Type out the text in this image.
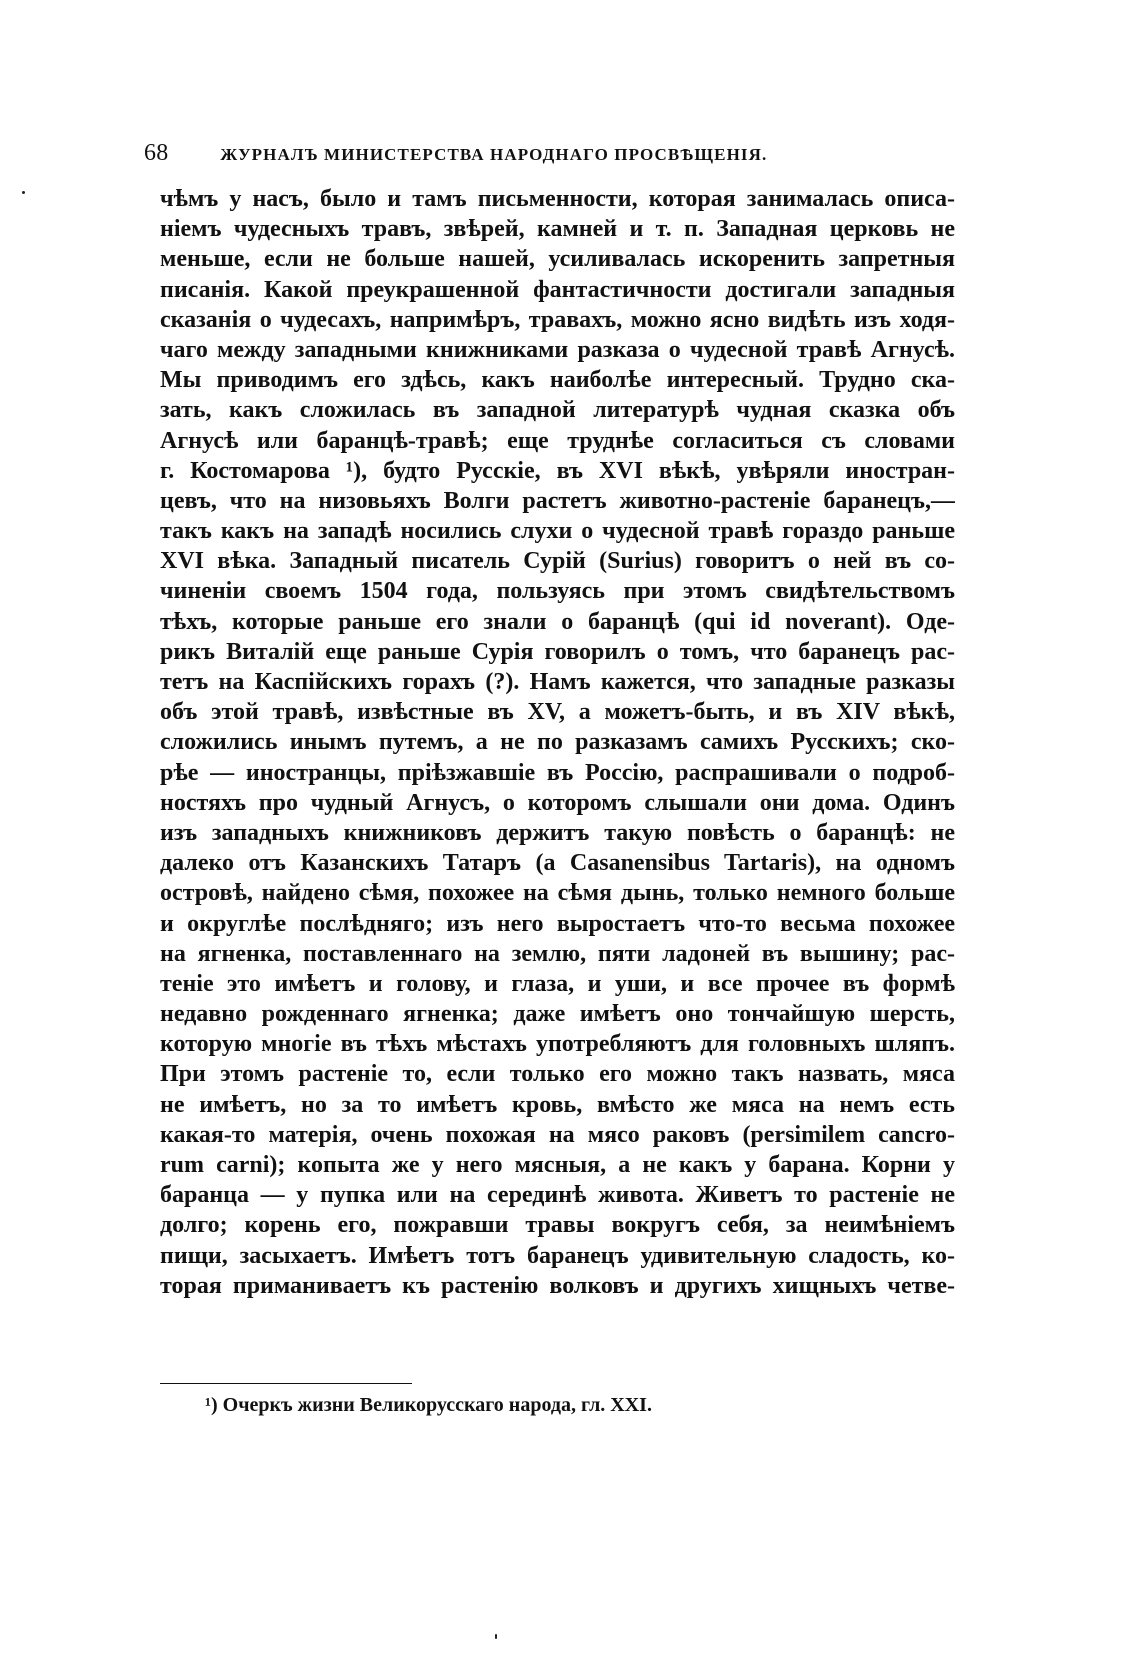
68	ЖУРНАЛЪ МИНИСТЕРСТВА НАРОДНАГО ПРОСВѢЩЕНІЯ.
чѣмъ у насъ, было и тамъ письменности, которая занималась описа-
ніемъ чудесныхъ травъ, звѣрей, камней и т. п. Западная церковь не
меньше, если не больше нашей, усиливалась искоренить запретныя
писанія. Какой преукрашенной фантастичности достигали западныя
сказанія о чудесахъ, напримѣръ, травахъ, можно ясно видѣть изъ ходя-
чаго между западными книжниками разказа о чудесной травѣ Агнусѣ.
Мы приводимъ его здѣсь, какъ наиболѣе интересный. Трудно ска-
зать, какъ сложилась въ западной литературѣ чудная сказка объ
Агнусѣ или баранцѣ-травѣ; еще труднѣе согласиться съ словами
г. Костомарова ¹), будто Русскіе, въ XVI вѣкѣ, увѣряли иностран-
цевъ, что на низовьяхъ Волги растетъ животно-растеніе баранецъ,—
такъ какъ на западѣ носились слухи о чудесной травѣ гораздо раньше
XVI вѣка. Западный писатель Сурій (Surius) говоритъ о ней въ со-
чиненіи своемъ 1504 года, пользуясь при этомъ свидѣтельствомъ
тѣхъ, которые раньше его знали о баранцѣ (qui id noverant). Оде-
рикъ Виталій еще раньше Сурія говорилъ о томъ, что баранецъ рас-
тетъ на Каспійскихъ горахъ (?). Намъ кажется, что западные разказы
объ этой травѣ, извѣстные въ XV, а можетъ-быть, и въ XIV вѣкѣ,
сложились инымъ путемъ, а не по разказамъ самихъ Русскихъ; ско-
рѣе — иностранцы, пріѣзжавшіе въ Россію, распрашивали о подроб-
ностяхъ про чудный Агнусъ, о которомъ слышали они дома. Одинъ
изъ западныхъ книжниковъ держитъ такую повѣсть о баранцѣ: не
далеко отъ Казанскихъ Татаръ (a Casanensibus Tartaris), на одномъ
островѣ, найдено сѣмя, похожее на сѣмя дынь, только немного больше
и округлѣе послѣдняго; изъ него выростаетъ что-то весьма похожее
на ягненка, поставленнаго на землю, пяти ладоней въ вышину; рас-
теніе это имѣетъ и голову, и глаза, и уши, и все прочее въ формѣ
недавно рожденнаго ягненка; даже имѣетъ оно тончайшую шерсть,
которую многіе въ тѣхъ мѣстахъ употребляютъ для головныхъ шляпъ.
При этомъ растеніе то, если только его можно такъ назвать, мяса
не имѣетъ, но за то имѣетъ кровь, вмѣсто же мяса на немъ есть
какая-то матерія, очень похожая на мясо раковъ (persimilem cancro-
rum carni); копыта же у него мясныя, а не какъ у барана. Корни у
баранца — у пупка или на серединѣ живота. Живетъ то растеніе не
долго; корень его, пожравши травы вокругъ себя, за неимѣніемъ
пищи, засыхаетъ. Имѣетъ тотъ баранецъ удивительную сладость, ко-
торая приманиваетъ къ растенію волковъ и другихъ хищныхъ четве-
¹) Очеркъ жизни Великорусскаго народа, гл. XXI.
